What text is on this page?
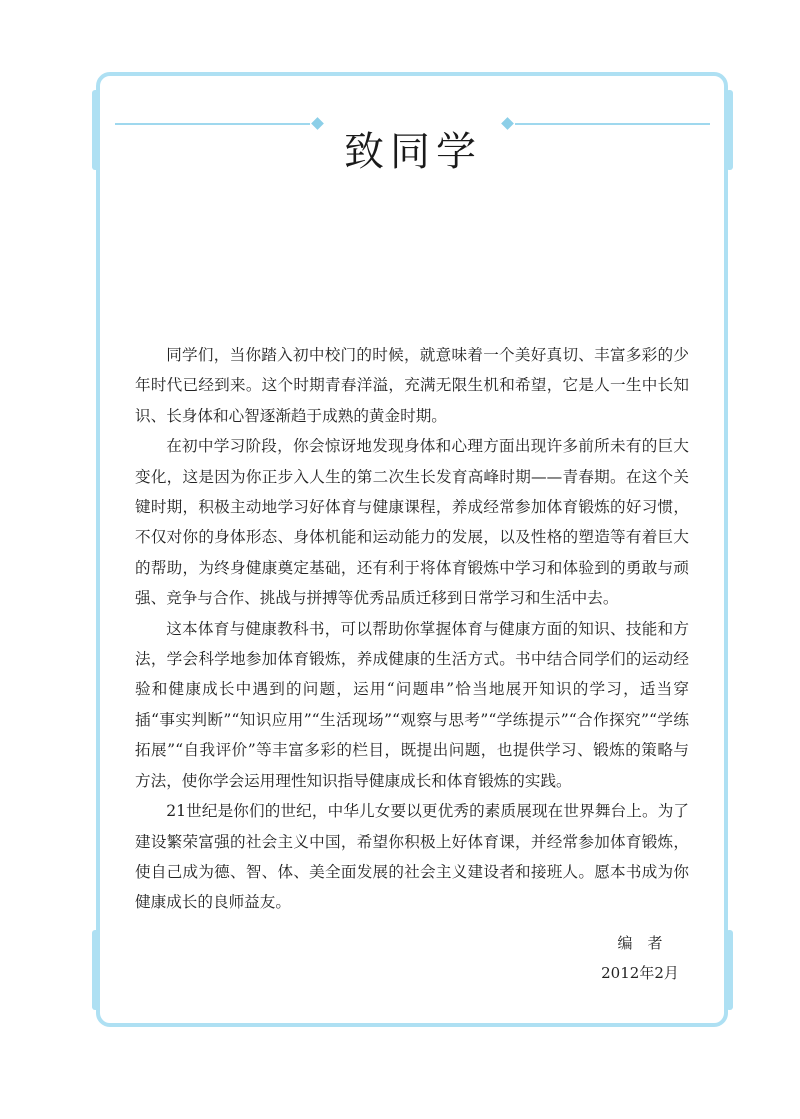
致同学

同学们，当你踏入初中校门的时候，就意味着一个美好真切、丰富多彩的少年时代已经到来。这个时期青春洋溢，充满无限生机和希望，它是人一生中长知识、长身体和心智逐渐趋于成熟的黄金时期。

在初中学习阶段，你会惊讶地发现身体和心理方面出现许多前所未有的巨大变化，这是因为你正步入人生的第二次生长发育高峰时期——青春期。在这个关键时期，积极主动地学习好体育与健康课程，养成经常参加体育锻炼的好习惯，不仅对你的身体形态、身体机能和运动能力的发展，以及性格的塑造等有着巨大的帮助，为终身健康奠定基础，还有利于将体育锻炼中学习和体验到的勇敢与顽强、竞争与合作、挑战与拼搏等优秀品质迁移到日常学习和生活中去。

这本体育与健康教科书，可以帮助你掌握体育与健康方面的知识、技能和方法，学会科学地参加体育锻炼，养成健康的生活方式。书中结合同学们的运动经验和健康成长中遇到的问题，运用“问题串”恰当地展开知识的学习，适当穿插“事实判断”“知识应用”“生活现场”“观察与思考”“学练提示”“合作探究”“学练拓展”“自我评价”等丰富多彩的栏目，既提出问题，也提供学习、锻炼的策略与方法，使你学会运用理性知识指导健康成长和体育锻炼的实践。

21世纪是你们的世纪，中华儿女要以更优秀的素质展现在世界舞台上。为了建设繁荣富强的社会主义中国，希望你积极上好体育课，并经常参加体育锻炼，使自己成为德、智、体、美全面发展的社会主义建设者和接班人。愿本书成为你健康成长的良师益友。

编　者
2012年2月
